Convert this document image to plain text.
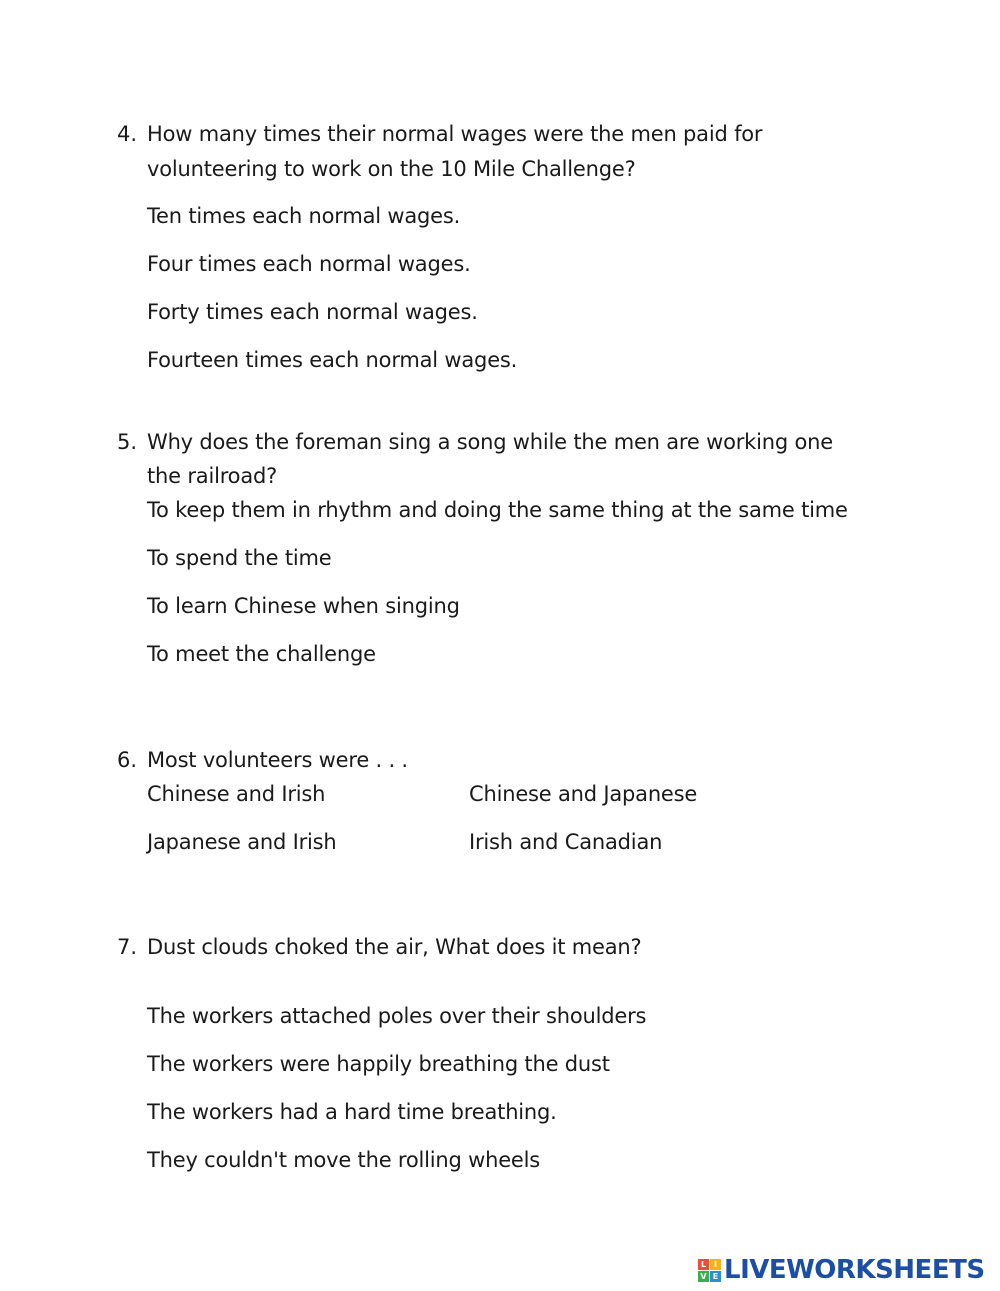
4. How many times their normal wages were the men paid for
volunteering to work on the 10 Mile Challenge?
Ten times each normal wages.
Four times each normal wages.
Forty times each normal wages.
Fourteen times each normal wages.
5. Why does the foreman sing a song while the men are working one
the railroad?
To keep them in rhythm and doing the same thing at the same time
To spend the time
To learn Chinese when singing
To meet the challenge
6. Most volunteers were . . .
Chinese and Irish	Chinese and Japanese
Japanese and Irish	Irish and Canadian
7. Dust clouds choked the air, What does it mean?
The workers attached poles over their shoulders
The workers were happily breathing the dust
The workers had a hard time breathing.
They couldn't move the rolling wheels
L I
V E LIVEWORKSHEETS
